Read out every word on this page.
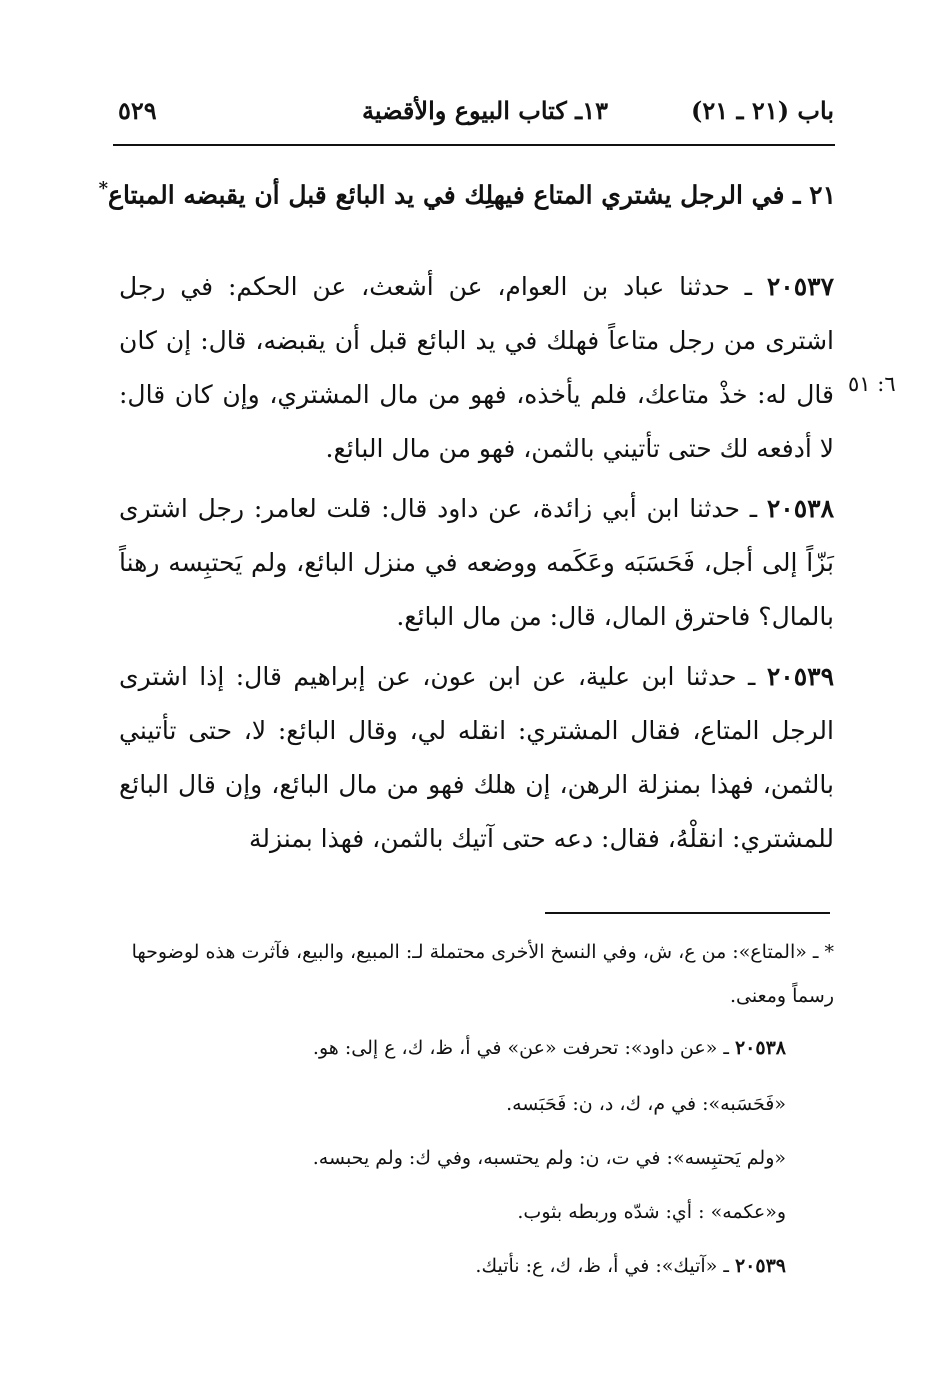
باب (٢١ ـ ٢١)
١٣ـ كتاب البيوع والأقضية
٥٢٩
٢١ ـ في الرجل يشتري المتاع فيهلِك في يد البائع قبل أن يقبضه المبتاع*

٢٠٥٣٧ ـ حدثنا عباد بن العوام، عن أشعث، عن الحكم: في رجل اشترى من رجل متاعاً فهلك في يد البائع قبل أن يقبضه، قال: إن كان قال له: خذْ متاعك، فلم يأخذه، فهو من مال المشتري، وإن كان قال: لا أدفعه لك حتى تأتيني بالثمن، فهو من مال البائع.

٦: ٥١

٢٠٥٣٨ ـ حدثنا ابن أبي زائدة، عن داود قال: قلت لعامر: رجل اشترى بَزّاً إلى أجل، فَحَسَبَه وعَكَمه ووضعه في منزل البائع، ولم يَحتبِسه رهناً بالمال؟ فاحترق المال، قال: من مال البائع.

٢٠٥٣٩ ـ حدثنا ابن علية، عن ابن عون، عن إبراهيم قال: إذا اشترى الرجل المتاع، فقال المشتري: انقله لي، وقال البائع: لا، حتى تأتيني بالثمن، فهذا بمنزلة الرهن، إن هلك فهو من مال البائع، وإن قال البائع للمشتري: انقلْهُ، فقال: دعه حتى آتيك بالثمن، فهذا بمنزلة

* ـ «المتاع»: من ع، ش، وفي النسخ الأخرى محتملة لـ: المبيع، والبيع، فآثرت هذه لوضوحها رسماً ومعنى.

٢٠٥٣٨ ـ «عن داود»: تحرفت «عن» في أ، ظ، ك، ع إلى: هو.

«فَحَسَبه»: في م، ك، د، ن: فَحَبَسه.

«ولم يَحتبِسه»: في ت، ن: ولم يحتسبه، وفي ك: ولم يحبسه.

و«عكمه» : أي: شدّه وربطه بثوب.

٢٠٥٣٩ ـ «آتيك»: في أ، ظ، ك، ع: نأتيك.
